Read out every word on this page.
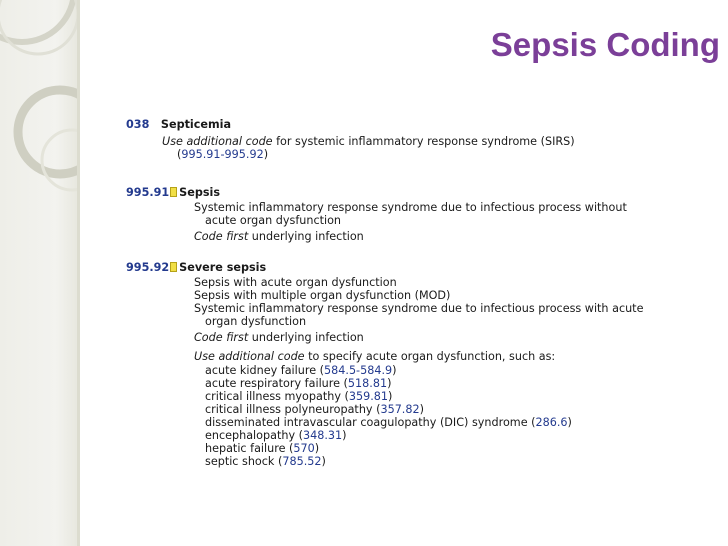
Sepsis Coding
038 Septicemia
Use additional code for systemic inflammatory response syndrome (SIRS)
(995.91-995.92)
995.91 Sepsis
Systemic inflammatory response syndrome due to infectious process without
acute organ dysfunction
Code first underlying infection
995.92 Severe sepsis
Sepsis with acute organ dysfunction
Sepsis with multiple organ dysfunction (MOD)
Systemic inflammatory response syndrome due to infectious process with acute
organ dysfunction
Code first underlying infection
Use additional code to specify acute organ dysfunction, such as:
acute kidney failure (584.5-584.9)
acute respiratory failure (518.81)
critical illness myopathy (359.81)
critical illness polyneuropathy (357.82)
disseminated intravascular coagulopathy (DIC) syndrome (286.6)
encephalopathy (348.31)
hepatic failure (570)
septic shock (785.52)
